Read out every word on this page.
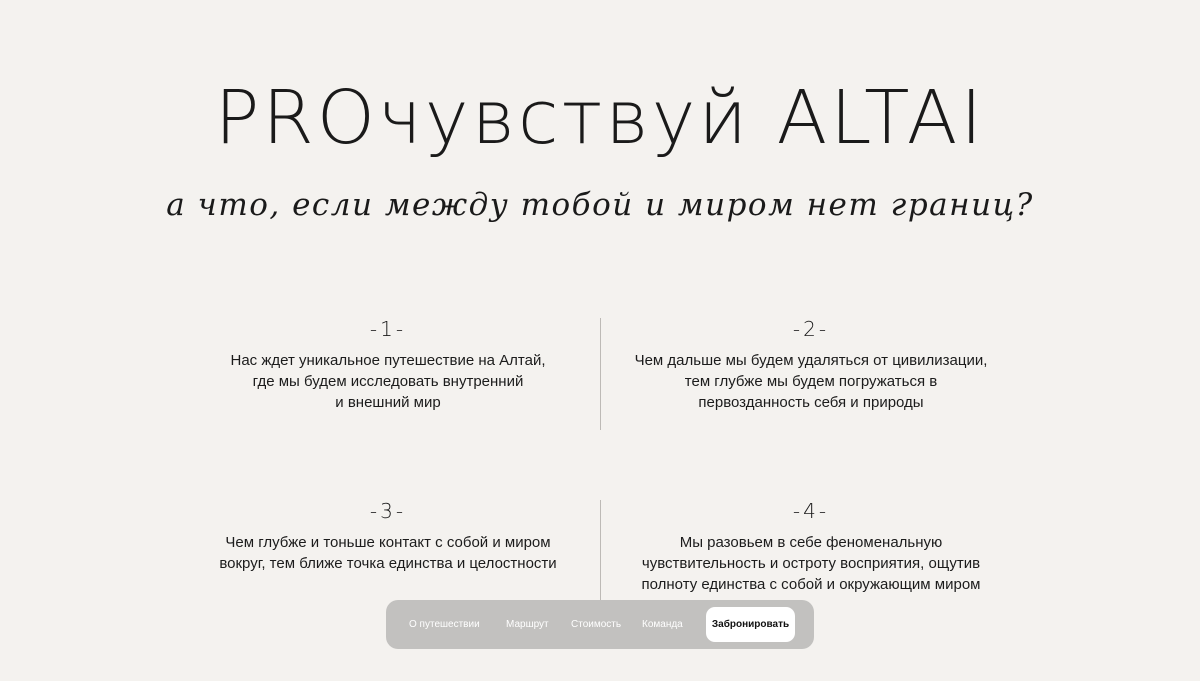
PROчувствуй ALTAI
а что, если между тобой и миром нет границ?
-1-
Нас ждет уникальное путешествие на Алтай,
где мы будем исследовать внутренний
и внешний мир
-2-
Чем дальше мы будем удаляться от цивилизации,
тем глубже мы будем погружаться в
первозданность себя и природы
-3-
Чем глубже и тоньше контакт с собой и миром
вокруг, тем ближе точка единства и целостности
-4-
Мы разовьем в себе феноменальную
чувствительность и остроту восприятия, ощутив
полноту единства с собой и окружающим миром
О путешествии	Маршрут Стоимость Команда	Забронировать
